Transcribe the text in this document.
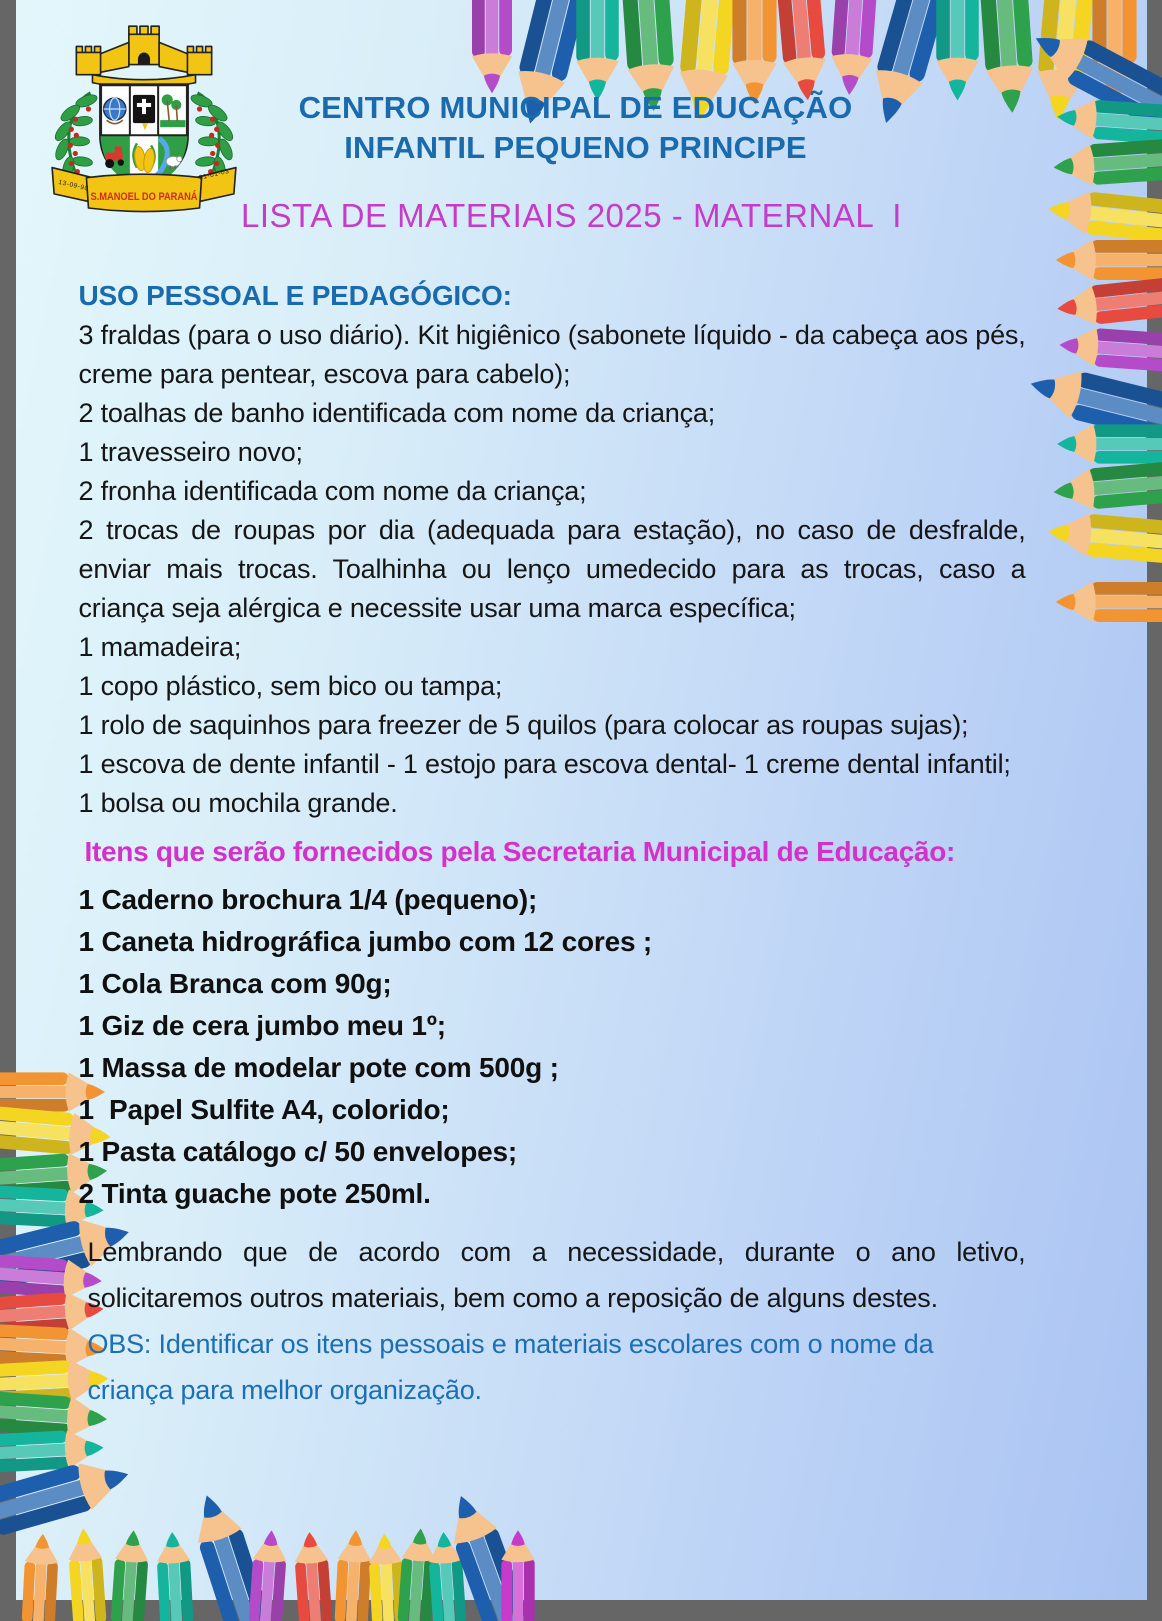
S.MANOEL DO PARANÁ
13-09-90
01-01-03
CENTRO MUNICIPAL DE EDUCAÇÃO
INFANTIL PEQUENO PRINCIPE
LISTA DE MATERIAIS 2025 - MATERNAL  I
USO PESSOAL E PEDAGÓGICO:
3 fraldas (para o uso diário). Kit higiênico (sabonete líquido - da cabeça aos pés, creme para pentear, escova para cabelo);
2 toalhas de banho identificada com nome da criança;
1 travesseiro novo;
2 fronha identificada com nome da criança;
2 trocas de roupas por dia (adequada para estação), no caso de desfralde, enviar mais trocas. Toalhinha ou lenço umedecido para as trocas, caso a criança seja alérgica e necessite usar uma marca específica;
1 mamadeira;
1 copo plástico, sem bico ou tampa;
1 rolo de saquinhos para freezer de 5 quilos (para colocar as roupas sujas);
1 escova de dente infantil - 1 estojo para escova dental- 1 creme dental infantil;
1 bolsa ou mochila grande.
Itens que serão fornecidos pela Secretaria Municipal de Educação:
1 Caderno brochura 1/4 (pequeno);
1 Caneta hidrográfica jumbo com 12 cores ;
1 Cola Branca com 90g;
1 Giz de cera jumbo meu 1º;
1 Massa de modelar pote com 500g ;
1  Papel Sulfite A4, colorido;
1 Pasta catálogo c/ 50 envelopes;
2 Tinta guache pote 250ml.
Lembrando que de acordo com a necessidade, durante o ano letivo, solicitaremos outros materiais, bem como a reposição de alguns destes.
OBS: Identificar os itens pessoais e materiais escolares com o nome da criança para melhor organização.
